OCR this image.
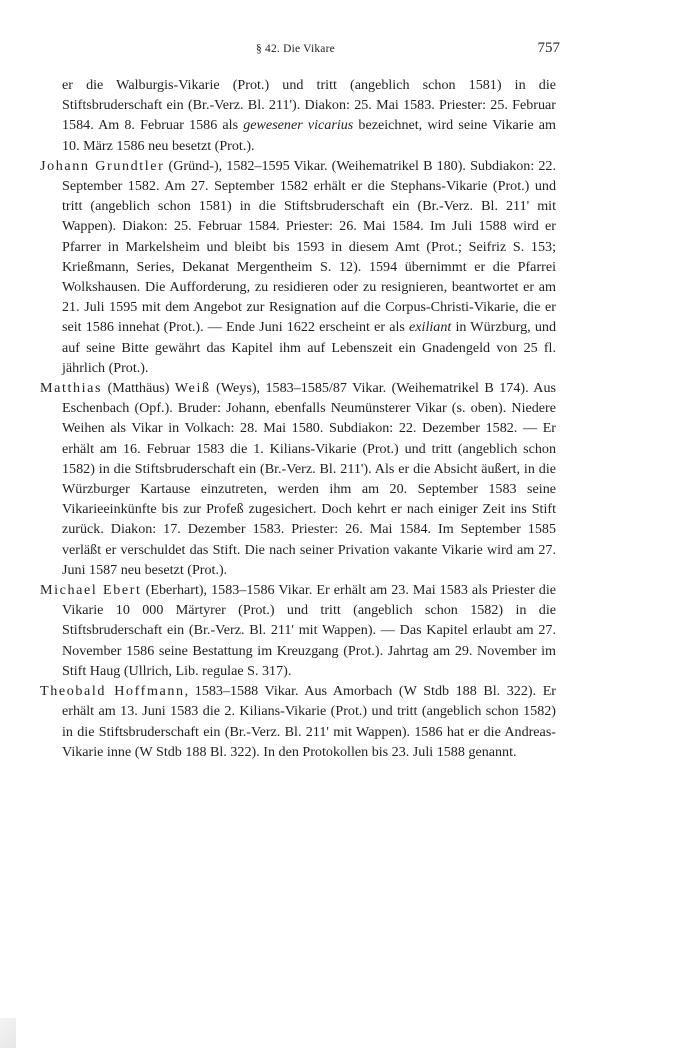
§ 42. Die Vikare	757

er die Walburgis-Vikarie (Prot.) und tritt (angeblich schon 1581) in die Stiftsbruderschaft ein (Br.-Verz. Bl. 211'). Diakon: 25. Mai 1583. Priester: 25. Februar 1584. Am 8. Februar 1586 als gewesener vicarius bezeichnet, wird seine Vikarie am 10. März 1586 neu besetzt (Prot.).

Johann Grundtler (Gründ-), 1582–1595 Vikar. (Weihematrikel B 180). Subdiakon: 22. September 1582. Am 27. September 1582 erhält er die Stephans-Vikarie (Prot.) und tritt (angeblich schon 1581) in die Stiftsbruderschaft ein (Br.-Verz. Bl. 211' mit Wappen). Diakon: 25. Februar 1584. Priester: 26. Mai 1584. Im Juli 1588 wird er Pfarrer in Markelsheim und bleibt bis 1593 in diesem Amt (Prot.; Seifriz S. 153; Krießmann, Series, Dekanat Mergentheim S. 12). 1594 übernimmt er die Pfarrei Wolkshausen. Die Aufforderung, zu residieren oder zu resignieren, beantwortet er am 21. Juli 1595 mit dem Angebot zur Resignation auf die Corpus-Christi-Vikarie, die er seit 1586 innehat (Prot.). — Ende Juni 1622 erscheint er als exiliant in Würzburg, und auf seine Bitte gewährt das Kapitel ihm auf Lebenszeit ein Gnadengeld von 25 fl. jährlich (Prot.).

Matthias (Matthäus) Weiß (Weys), 1583–1585/87 Vikar. (Weihematrikel B 174). Aus Eschenbach (Opf.). Bruder: Johann, ebenfalls Neumünsterer Vikar (s. oben). Niedere Weihen als Vikar in Volkach: 28. Mai 1580. Subdiakon: 22. Dezember 1582. — Er erhält am 16. Februar 1583 die 1. Kilians-Vikarie (Prot.) und tritt (angeblich schon 1582) in die Stiftsbruderschaft ein (Br.-Verz. Bl. 211'). Als er die Absicht äußert, in die Würzburger Kartause einzutreten, werden ihm am 20. September 1583 seine Vikarieeinkünfte bis zur Profeß zugesichert. Doch kehrt er nach einiger Zeit ins Stift zurück. Diakon: 17. Dezember 1583. Priester: 26. Mai 1584. Im September 1585 verläßt er verschuldet das Stift. Die nach seiner Privation vakante Vikarie wird am 27. Juni 1587 neu besetzt (Prot.).

Michael Ebert (Eberhart), 1583–1586 Vikar. Er erhält am 23. Mai 1583 als Priester die Vikarie 10 000 Märtyrer (Prot.) und tritt (angeblich schon 1582) in die Stiftsbruderschaft ein (Br.-Verz. Bl. 211' mit Wappen). — Das Kapitel erlaubt am 27. November 1586 seine Bestattung im Kreuzgang (Prot.). Jahrtag am 29. November im Stift Haug (Ullrich, Lib. regulae S. 317).

Theobald Hoffmann, 1583–1588 Vikar. Aus Amorbach (W Stdb 188 Bl. 322). Er erhält am 13. Juni 1583 die 2. Kilians-Vikarie (Prot.) und tritt (angeblich schon 1582) in die Stiftsbruderschaft ein (Br.-Verz. Bl. 211' mit Wappen). 1586 hat er die Andreas-Vikarie inne (W Stdb 188 Bl. 322). In den Protokollen bis 23. Juli 1588 genannt.
